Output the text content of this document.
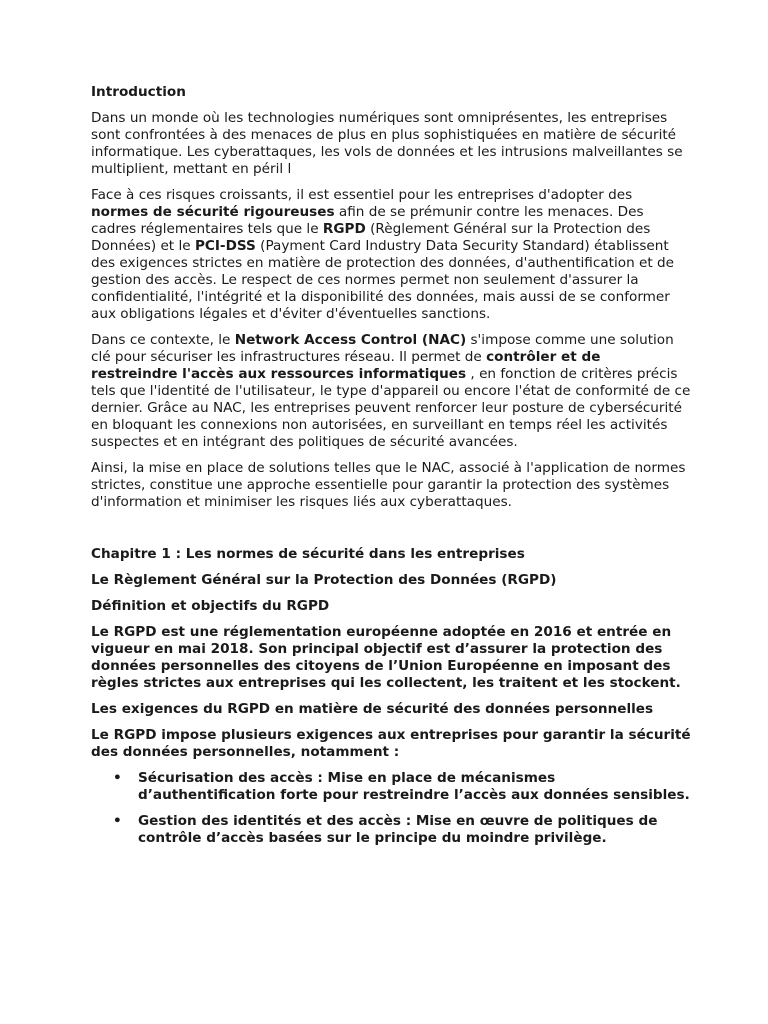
Introduction

Dans un monde où les technologies numériques sont omniprésentes, les entreprises sont confrontées à des menaces de plus en plus sophistiquées en matière de sécurité informatique. Les cyberattaques, les vols de données et les intrusions malveillantes se multiplient, mettant en péril l

Face à ces risques croissants, il est essentiel pour les entreprises d'adopter des normes de sécurité rigoureuses afin de se prémunir contre les menaces. Des cadres réglementaires tels que le RGPD (Règlement Général sur la Protection des Données) et le PCI-DSS (Payment Card Industry Data Security Standard) établissent des exigences strictes en matière de protection des données, d'authentification et de gestion des accès. Le respect de ces normes permet non seulement d'assurer la confidentialité, l'intégrité et la disponibilité des données, mais aussi de se conformer aux obligations légales et d'éviter d'éventuelles sanctions.

Dans ce contexte, le Network Access Control (NAC) s'impose comme une solution clé pour sécuriser les infrastructures réseau. Il permet de contrôler et de restreindre l'accès aux ressources informatiques , en fonction de critères précis tels que l'identité de l'utilisateur, le type d'appareil ou encore l'état de conformité de ce dernier. Grâce au NAC, les entreprises peuvent renforcer leur posture de cybersécurité en bloquant les connexions non autorisées, en surveillant en temps réel les activités suspectes et en intégrant des politiques de sécurité avancées.

Ainsi, la mise en place de solutions telles que le NAC, associé à l'application de normes strictes, constitue une approche essentielle pour garantir la protection des systèmes d'information et minimiser les risques liés aux cyberattaques.

Chapitre 1 : Les normes de sécurité dans les entreprises

Le Règlement Général sur la Protection des Données (RGPD)

Définition et objectifs du RGPD

Le RGPD est une réglementation européenne adoptée en 2016 et entrée en vigueur en mai 2018. Son principal objectif est d’assurer la protection des données personnelles des citoyens de l’Union Européenne en imposant des règles strictes aux entreprises qui les collectent, les traitent et les stockent.

Les exigences du RGPD en matière de sécurité des données personnelles

Le RGPD impose plusieurs exigences aux entreprises pour garantir la sécurité des données personnelles, notamment :

• Sécurisation des accès : Mise en place de mécanismes d’authentification forte pour restreindre l’accès aux données sensibles.
• Gestion des identités et des accès : Mise en œuvre de politiques de contrôle d’accès basées sur le principe du moindre privilège.
